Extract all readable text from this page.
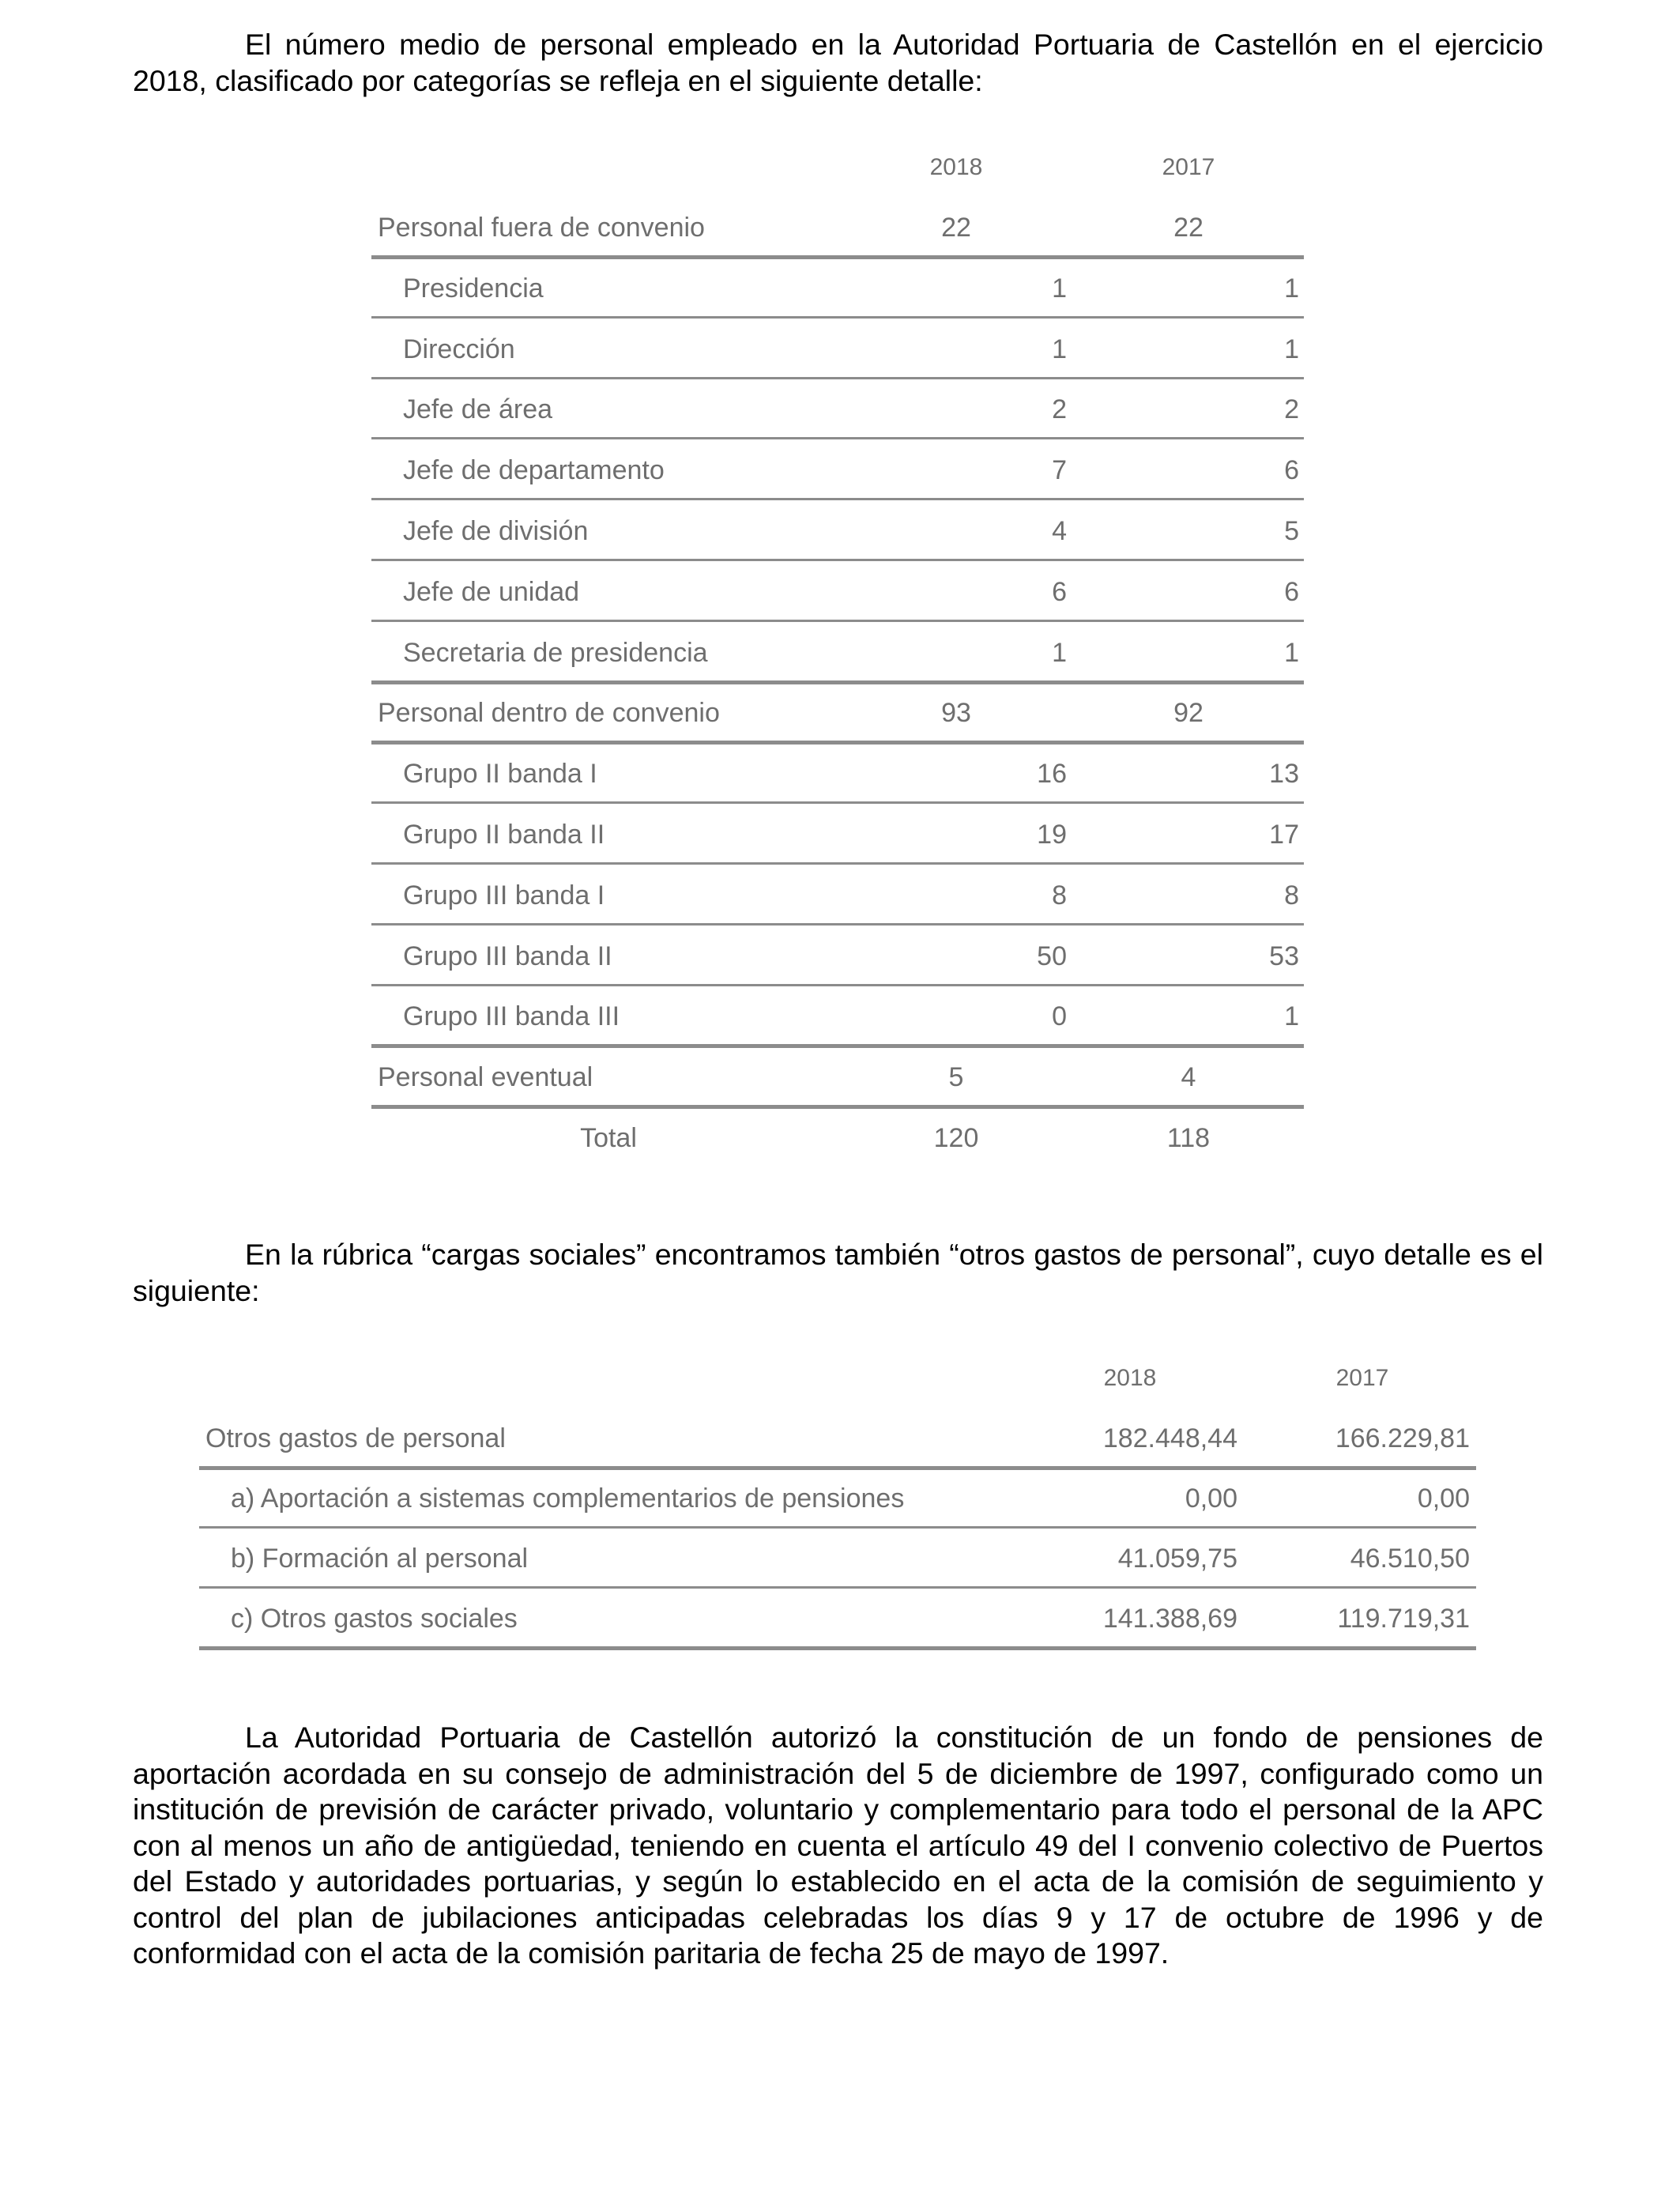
El número medio de personal empleado en la Autoridad Portuaria de Castellón en el ejercicio 2018, clasificado por categorías se refleja en el siguiente detalle:

En la rúbrica “cargas sociales” encontramos también “otros gastos de personal”, cuyo detalle es el siguiente:

La Autoridad Portuaria de Castellón autorizó la constitución de un fondo de pensiones de aportación acordada en su consejo de administración del 5 de diciembre de 1997, configurado como un institución de previsión de carácter privado, voluntario y complementario para todo el personal de la APC con al menos un año de antigüedad, teniendo en cuenta el artículo 49 del I convenio colectivo de Puertos del Estado y autoridades portuarias, y según lo establecido en el acta de la comisión de seguimiento y control del plan de jubilaciones anticipadas celebradas los días 9 y 17 de octubre de 1996 y de conformidad con el acta de la comisión paritaria de fecha 25 de mayo de 1997.

2018	2017
Personal fuera de convenio	22	22
Presidencia	1	1
Dirección	1	1
Jefe de área	2	2
Jefe de departamento	7	6
Jefe de división	4	5
Jefe de unidad	6	6
Secretaria de presidencia	1	1
Personal dentro de convenio	93	92
Grupo II banda I	16	13
Grupo II banda II	19	17
Grupo III banda I	8	8
Grupo III banda II	50	53
Grupo III banda III	0	1
Personal eventual	5	4
Total	120	118
2018	2017
Otros gastos de personal	182.448,44	166.229,81
a) Aportación a sistemas complementarios de pensiones	0,00	0,00
b) Formación al personal	41.059,75	46.510,50
c) Otros gastos sociales	141.388,69	119.719,31
